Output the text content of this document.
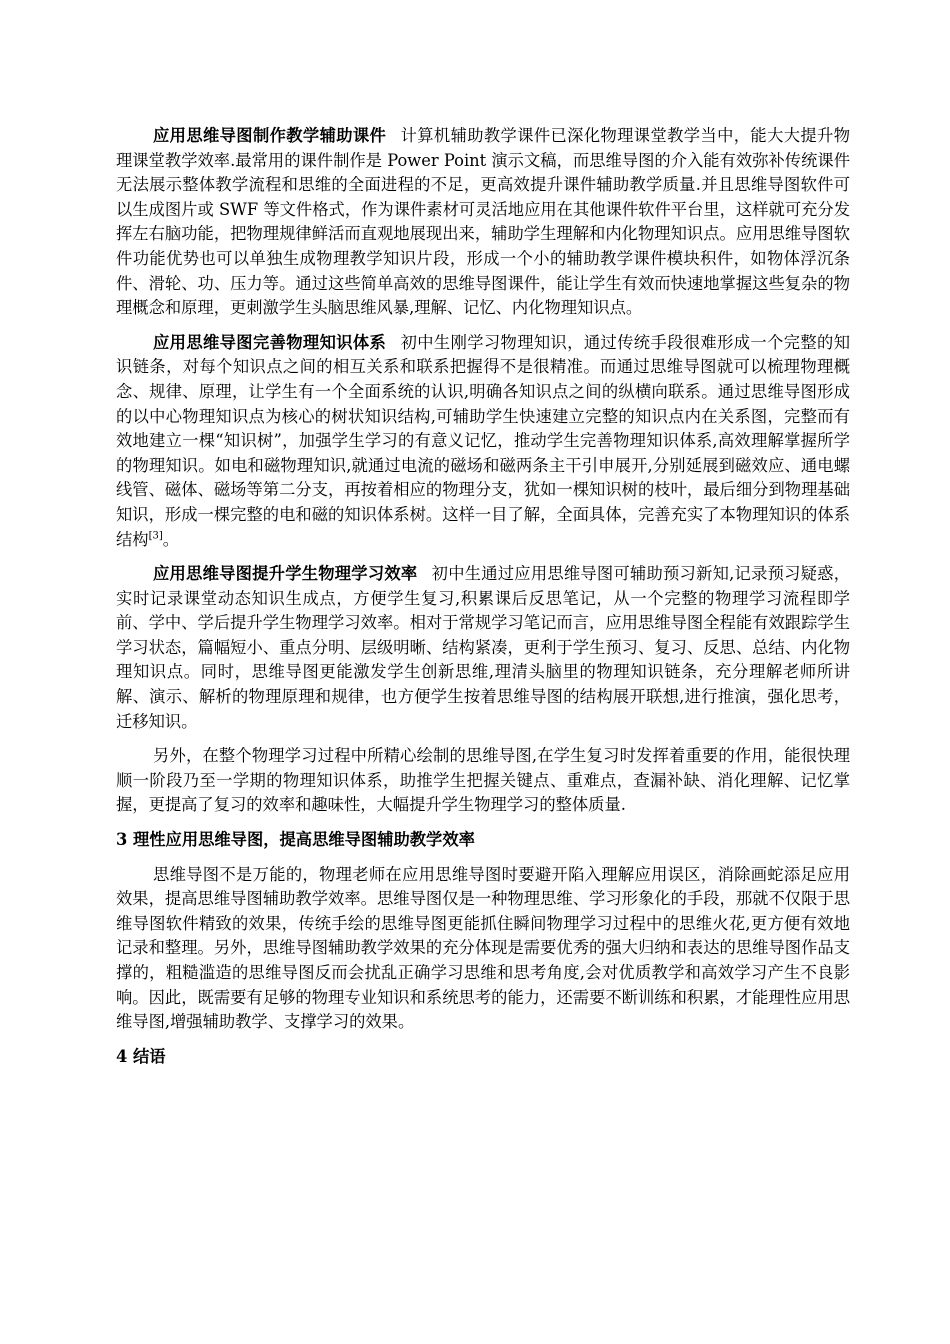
应用思维导图制作教学辅助课件 计算机辅助教学课件已深化物理课堂教学当中，能大大提升物理课堂教学效率.最常用的课件制作是 Power Point 演示文稿，而思维导图的介入能有效弥补传统课件无法展示整体教学流程和思维的全面进程的不足，更高效提升课件辅助教学质量.并且思维导图软件可以生成图片或 SWF 等文件格式，作为课件素材可灵活地应用在其他课件软件平台里，这样就可充分发挥左右脑功能，把物理规律鲜活而直观地展现出来，辅助学生理解和内化物理知识点。应用思维导图软件功能优势也可以单独生成物理教学知识片段，形成一个小的辅助教学课件模块积件，如物体浮沉条件、滑轮、功、压力等。通过这些简单高效的思维导图课件，能让学生有效而快速地掌握这些复杂的物理概念和原理，更刺激学生头脑思维风暴,理解、记忆、内化物理知识点。

应用思维导图完善物理知识体系 初中生刚学习物理知识，通过传统手段很难形成一个完整的知识链条，对每个知识点之间的相互关系和联系把握得不是很精准。而通过思维导图就可以梳理物理概念、规律、原理，让学生有一个全面系统的认识,明确各知识点之间的纵横向联系。通过思维导图形成的以中心物理知识点为核心的树状知识结构,可辅助学生快速建立完整的知识点内在关系图，完整而有效地建立一棵“知识树”，加强学生学习的有意义记忆，推动学生完善物理知识体系,高效理解掌握所学的物理知识。如电和磁物理知识,就通过电流的磁场和磁两条主干引申展开,分别延展到磁效应、通电螺线管、磁体、磁场等第二分支，再按着相应的物理分支，犹如一棵知识树的枝叶，最后细分到物理基础知识，形成一棵完整的电和磁的知识体系树。这样一目了解，全面具体，完善充实了本物理知识的体系结构[3]。

应用思维导图提升学生物理学习效率 初中生通过应用思维导图可辅助预习新知,记录预习疑惑，实时记录课堂动态知识生成点，方便学生复习,积累课后反思笔记，从一个完整的物理学习流程即学前、学中、学后提升学生物理学习效率。相对于常规学习笔记而言，应用思维导图全程能有效跟踪学生学习状态，篇幅短小、重点分明、层级明晰、结构紧凑，更利于学生预习、复习、反思、总结、内化物理知识点。同时，思维导图更能激发学生创新思维,理清头脑里的物理知识链条，充分理解老师所讲解、演示、解析的物理原理和规律，也方便学生按着思维导图的结构展开联想,进行推演，强化思考，迁移知识。

另外，在整个物理学习过程中所精心绘制的思维导图,在学生复习时发挥着重要的作用，能很快理顺一阶段乃至一学期的物理知识体系，助推学生把握关键点、重难点，查漏补缺、消化理解、记忆掌握，更提高了复习的效率和趣味性，大幅提升学生物理学习的整体质量.

3 理性应用思维导图，提高思维导图辅助教学效率

思维导图不是万能的，物理老师在应用思维导图时要避开陷入理解应用误区，消除画蛇添足应用效果，提高思维导图辅助教学效率。思维导图仅是一种物理思维、学习形象化的手段，那就不仅限于思维导图软件精致的效果，传统手绘的思维导图更能抓住瞬间物理学习过程中的思维火花,更方便有效地记录和整理。另外，思维导图辅助教学效果的充分体现是需要优秀的强大归纳和表达的思维导图作品支撑的，粗糙滥造的思维导图反而会扰乱正确学习思维和思考角度,会对优质教学和高效学习产生不良影响。因此，既需要有足够的物理专业知识和系统思考的能力，还需要不断训练和积累，才能理性应用思维导图,增强辅助教学、支撑学习的效果。

4 结语
